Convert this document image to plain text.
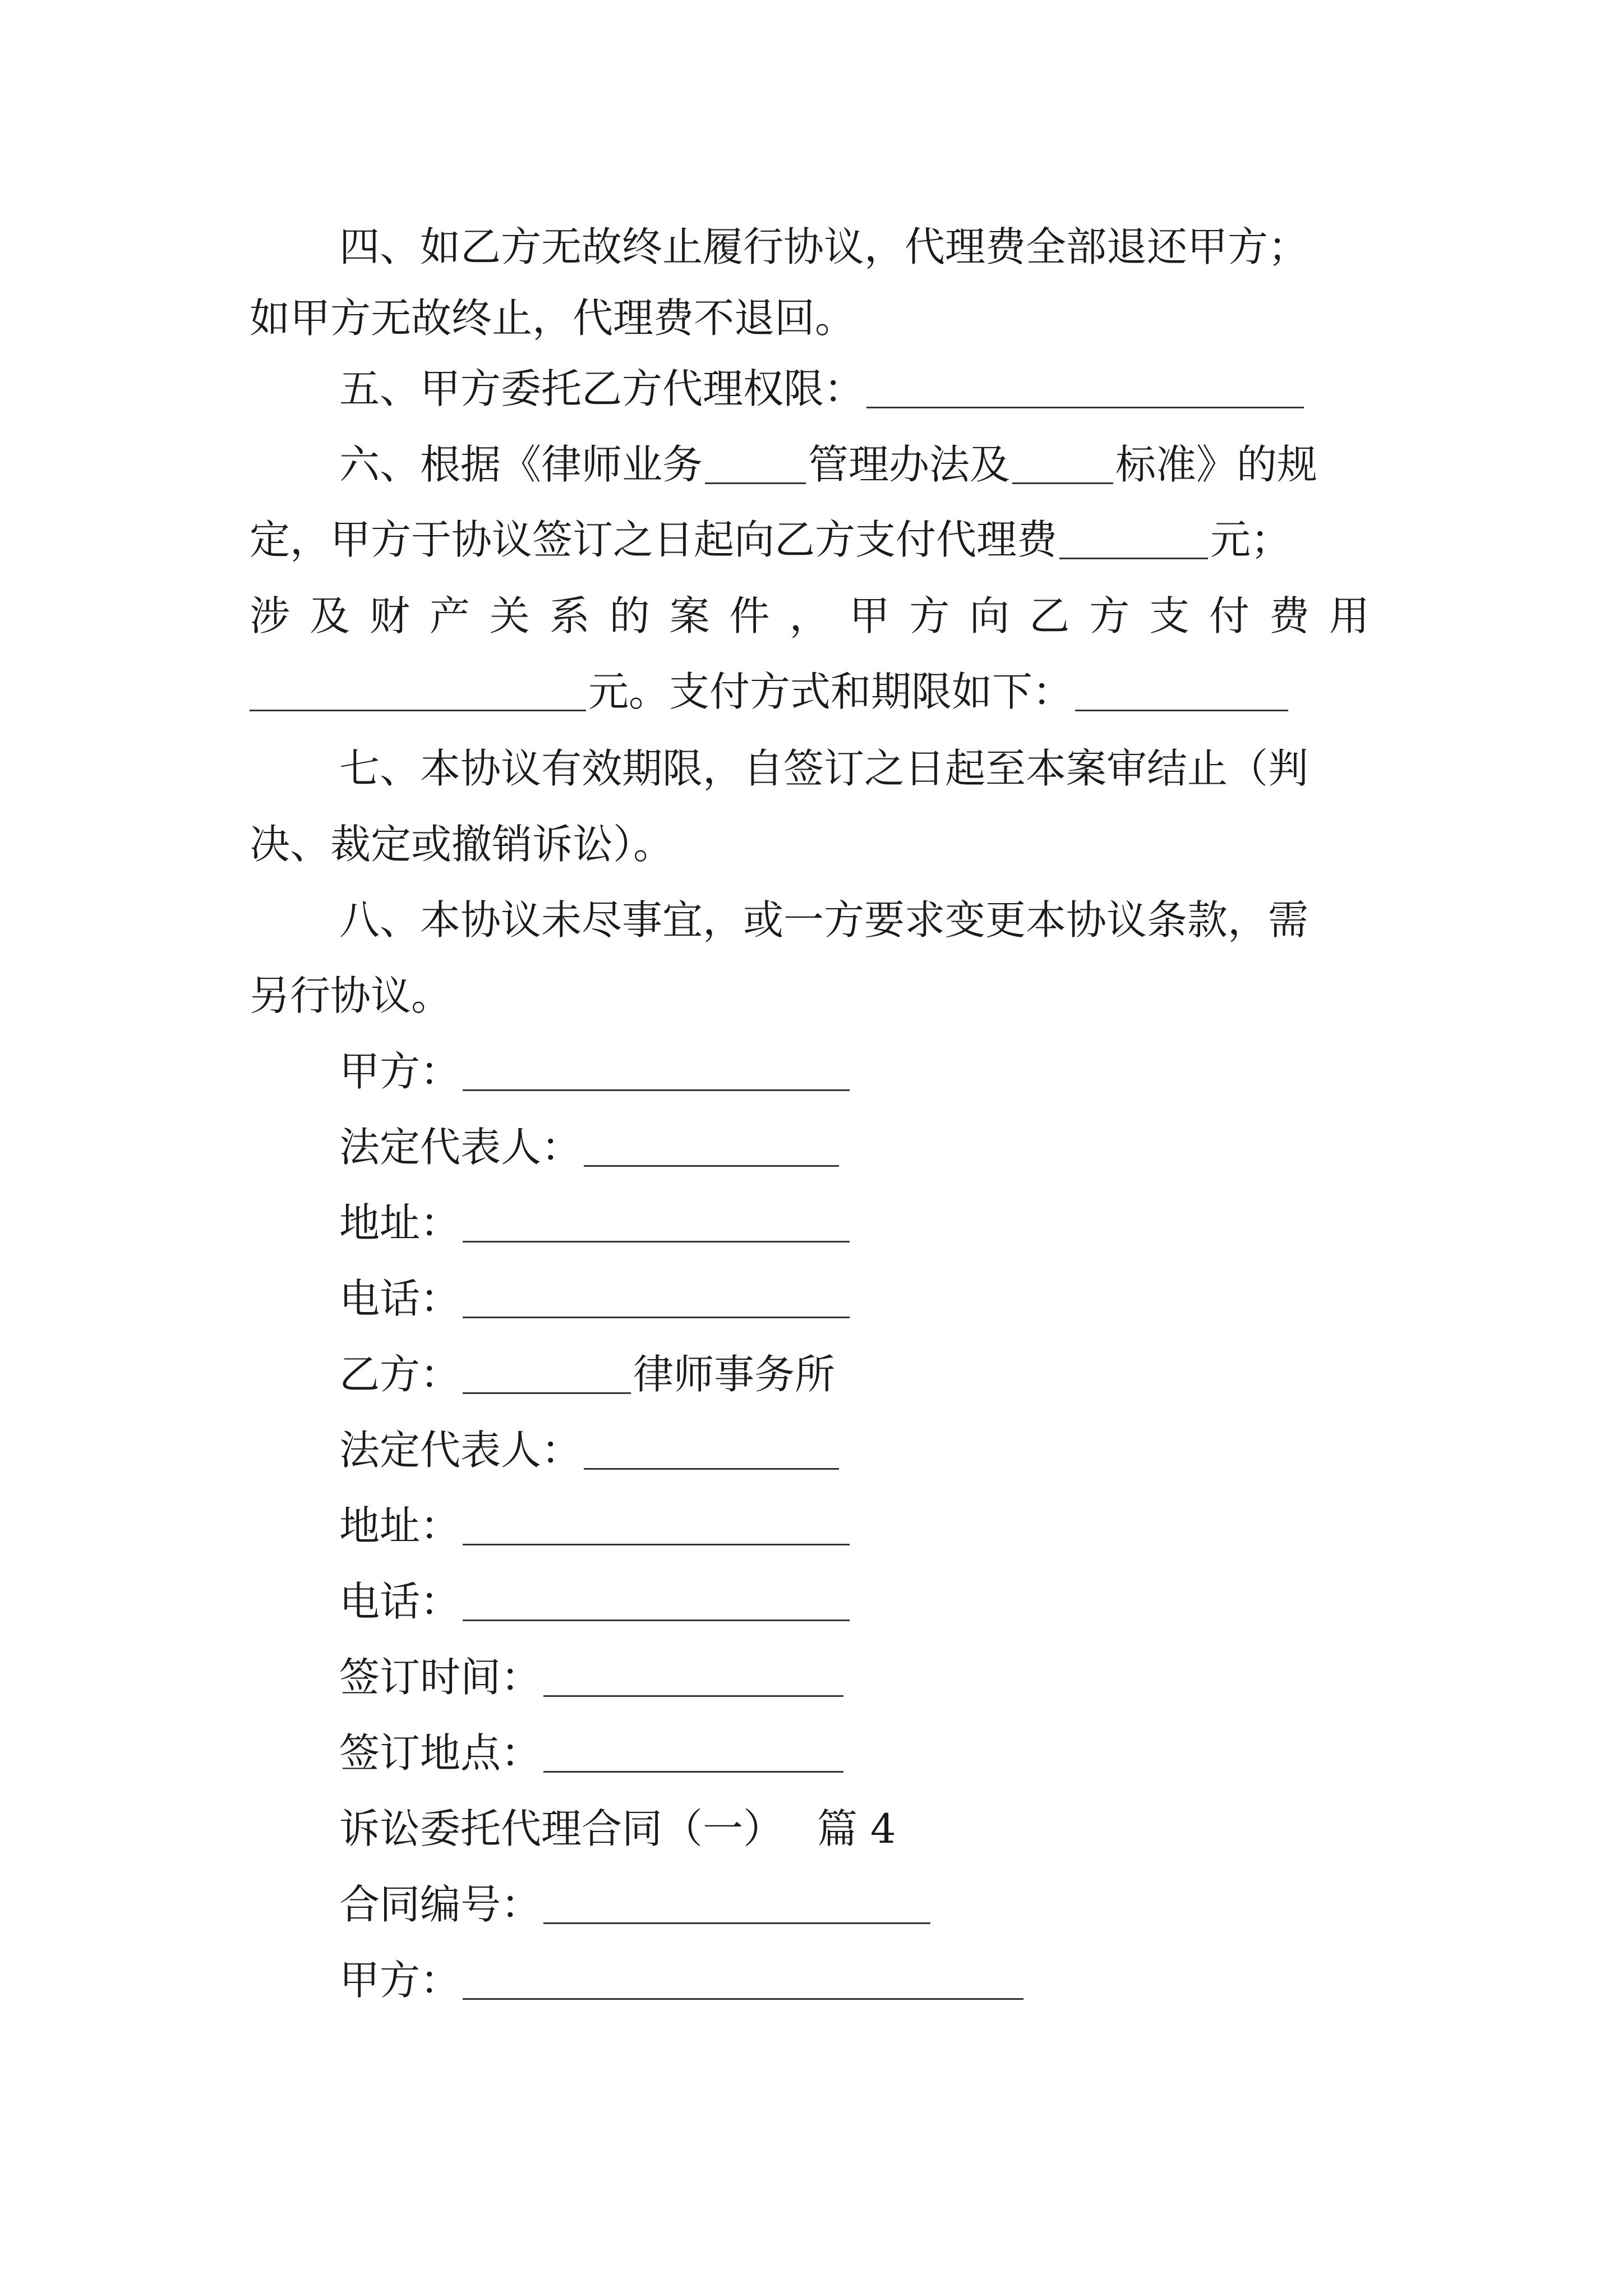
四、如乙方无故终止履行协议，代理费全部退还甲方；
如甲方无故终止，代理费不退回。
五、甲方委托乙方代理权限：
六、根据《律师业务	管理办法及	标准》的规
定，甲方于协议签订之日起向乙方支付代理费	元；
涉 及 财 产 关 系 的 案 件 ， 甲 方 向 乙 方 支 付 费 用
元。支付方式和期限如下：
七、本协议有效期限，自签订之日起至本案审结止（判
决、裁定或撤销诉讼）。
八、本协议未尽事宜，或一方要求变更本协议条款，需
另行协议。
甲方：
法定代表人：
地址：
电话：
乙方：	律师事务所
法定代表人：
地址：
电话：
签订时间：
签订地点：
诉讼委托代理合同（一） 篇 4
合同编号：
甲方：
